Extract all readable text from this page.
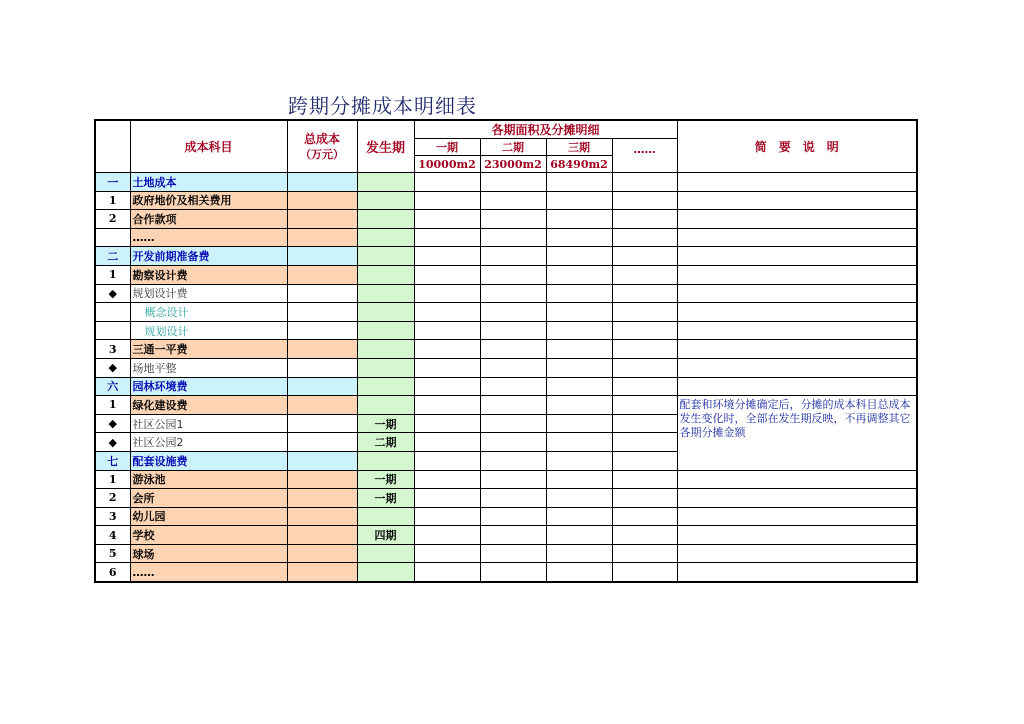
跨期分摊成本明细表
	成本科目	总成本
（万元）	发生期	各期面积及分摊明细				简　要　说　明
				一期	二期	三期	……	
				10000m2	23000m2	68490m2		
一	土地成本							
1	政府地价及相关费用							
2	合作款项							
	……							
二	开发前期准备费							
1	勘察设计费							
◆	规划设计费							
	概念设计							
	规划设计							
3	三通一平费							
◆	场地平整							
六	园林环境费							
1	绿化建设费							配套和环境分摊确定后，分摊的成本科目总成本发生变化时，全部在发生期反映，不再调整其它各期分摊金额
◆	社区公园1		一期					
◆	社区公园2		二期					
七	配套设施费							
1	游泳池		一期					
2	会所		一期					
3	幼儿园							
4	学校		四期					
5	球场							
6	……							
